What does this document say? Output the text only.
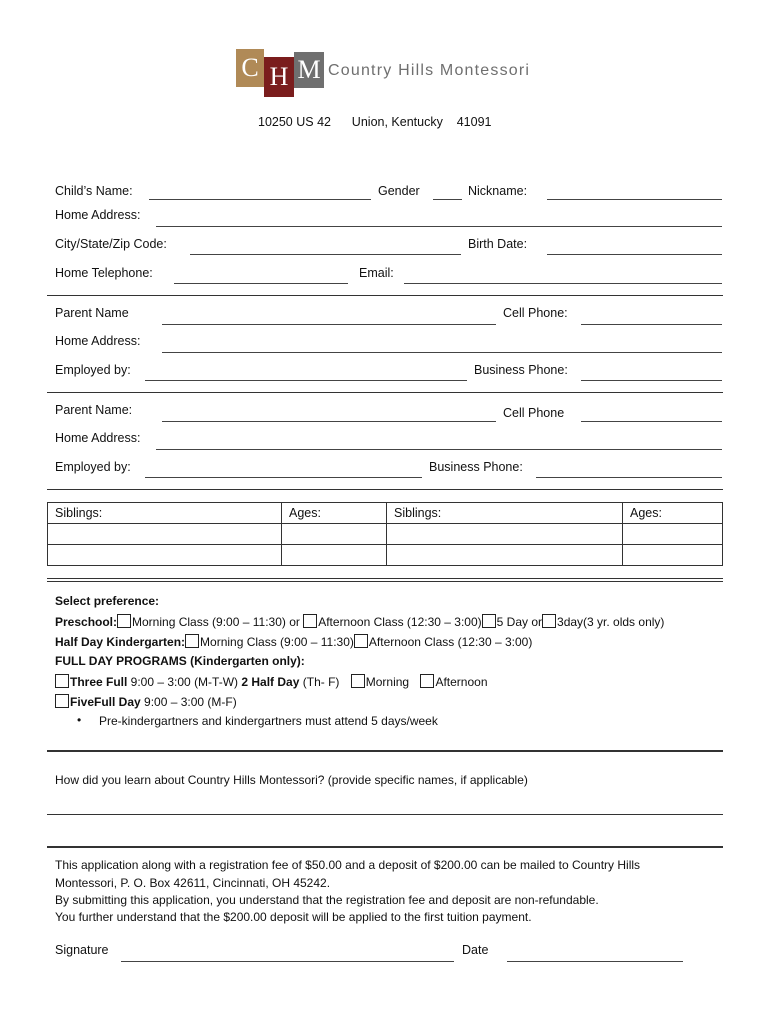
C H M Country Hills Montessori
10250 US 42      Union, Kentucky    41091
Child’s Name:	Gender	Nickname:
Home Address:
City/State/Zip Code:	Birth Date:
Home Telephone:	Email:
Parent Name	Cell Phone:
Home Address:
Employed by:	Business Phone:
Parent Name:	Cell Phone
Home Address:
Employed by:	Business Phone:
Siblings:	Ages:	Siblings:	Ages:

Select preference:
Preschool: Morning Class (9:00 – 11:30) or Afternoon Class (12:30 – 3:00) 5 Day or 3day(3 yr. olds only)
Half Day Kindergarten: Morning Class (9:00 – 11:30) Afternoon Class (12:30 – 3:00)
FULL DAY PROGRAMS (Kindergarten only):
Three Full 9:00 – 3:00 (M-T-W) 2 Half Day (Th- F) Morning Afternoon
FiveFull Day 9:00 – 3:00 (M-F)
• Pre-kindergartners and kindergartners must attend 5 days/week
How did you learn about Country Hills Montessori? (provide specific names, if applicable)
This application along with a registration fee of $50.00 and a deposit of $200.00 can be mailed to Country Hills
Montessori, P. O. Box 42611, Cincinnati, OH 45242.
By submitting this application, you understand that the registration fee and deposit are non-refundable.
You further understand that the $200.00 deposit will be applied to the first tuition payment.
Signature	Date
